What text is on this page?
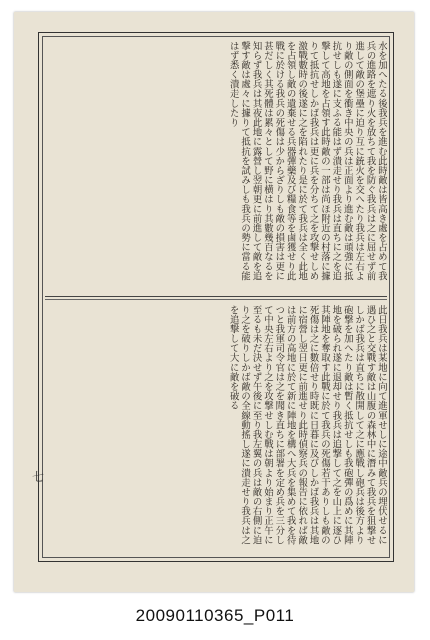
水を加へたる後我兵を進む此時敵は皆高き處を占めて我兵の進路を遮り火を放ちて我を防ぐ我兵は之に屈せず前進して敵の堡壘に迫り互に銃火を交へたり我兵は左右より敵の側面を衝き中央の兵は正面より進む敵は頑強に抵抗せしも遂に支ふる能はず潰走せり我兵は直ちに之を追撃して高地を占領す此時敵の一部は尚ほ附近の村落に據りて抵抗せしかば我兵は更に兵を分ちて之を攻撃せしめ激戰數時の後遂に之を陷れたり是に於て我兵は全く此地を占領し敵の遺棄せる兵器彈藥及び糧食等を鹵獲せり此戰に於ける我兵の死傷は少からざりしも敵の損害は更に甚だしく其死體は累々として野に横はり其數幾百なるを知らず我兵は其夜此地に露營し翌朝更に前進して敵を追撃す敵は處々に據りて抵抗を試みしも我兵の勢に當る能はず悉く潰走したり
此日我兵は某地に向て進軍せしに途中敵兵の埋伏せるに遇ひ之と交戰す敵は山腹の森林中に潛みて我兵を狙撃せしかば我兵は直ちに散開して之に應戰し砲兵は後方より砲撃を加へたり敵は暫く抵抗せしも我砲彈の爲めに其陣地を破られ遂に退却せり我兵は追撃して之を山上に逐ひ其陣地を奪取す此戰に於て我兵の死傷若干ありしも敵の死傷は之に數倍せり時既に日暮に及びしかば我兵は其地に宿營し翌日更に前進せり此時偵察兵の報告に依れば敵は前方の高地に於て新に陣地を構へ大兵を集めて我を待つと我軍司令官は之を聞き直ちに部署を定め兵を三分して中央左右より之を攻撃せしむ戰は朝より始まり正午に至るも未だ決せず午後に至り我左翼の兵は敵の右側に迫り之を破りしかば敵の全線動搖し遂に潰走せり我兵は之を追撃して大に敵を破る
七
20090110365_P011
